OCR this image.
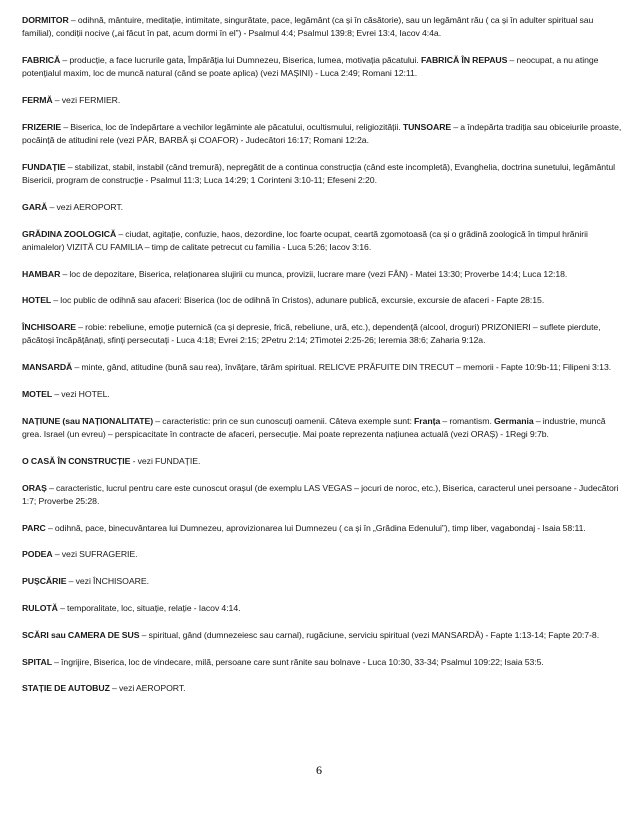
DORMITOR – odihnă, mântuire, meditație, intimitate, singurătate, pace, legământ (ca și în căsătorie), sau un legământ rău ( ca și în adulter spiritual sau familial), condiții nocive („ai făcut în pat, acum dormi în el”) - Psalmul 4:4; Psalmul 139:8; Evrei 13:4, Iacov 4:4a.

FABRICĂ – producție, a face lucrurile gata, Împărăția lui Dumnezeu, Biserica, lumea, motivația păcatului. FABRICĂ ÎN REPAUS – neocupat, a nu atinge potențialul maxim, loc de muncă natural (când se poate aplica) (vezi MAȘINI) - Luca 2:49; Romani 12:11.

FERMĂ – vezi FERMIER.

FRIZERIE – Biserica, loc de îndepărtare a vechilor legăminte ale păcatului, ocultismului, religiozității. TUNSOARE – a îndepărta tradiția sau obiceiurile proaste, pocăință de atitudini rele (vezi PĂR, BARBĂ și COAFOR) - Judecători 16:17; Romani 12:2a.

FUNDAȚIE – stabilizat, stabil, instabil (când tremură), nepregătit de a continua construcția (când este incompletă), Evanghelia, doctrina sunetului, legământul Bisericii, program de construcție - Psalmul 11:3; Luca 14:29; 1 Corinteni 3:10-11; Efeseni 2:20.

GARĂ – vezi AEROPORT.

GRĂDINA ZOOLOGICĂ – ciudat, agitație, confuzie, haos, dezordine, loc foarte ocupat, ceartă zgomotoasă (ca și o grădină zoologică în timpul hrănirii animalelor) VIZITĂ CU FAMILIA – timp de calitate petrecut cu familia - Luca 5:26; Iacov 3:16.

HAMBAR – loc de depozitare, Biserica, relaționarea slujirii cu munca, provizii, lucrare mare (vezi FÂN) - Matei 13:30; Proverbe 14:4; Luca 12:18.

HOTEL – loc public de odihnă sau afaceri: Biserica (loc de odihnă în Cristos), adunare publică, excursie, excursie de afaceri - Fapte 28:15.

ÎNCHISOARE – robie: rebeliune, emoție puternică (ca și depresie, frică, rebeliune, ură, etc.), dependență (alcool, droguri) PRIZONIERI – suflete pierdute, păcătoși încăpățânați, sfinți persecutați - Luca 4:18; Evrei 2:15; 2Petru 2:14; 2Timotei 2:25-26; Ieremia 38:6; Zaharia 9:12a.

MANSARDĂ – minte, gând, atitudine (bună sau rea), învățare, tărâm spiritual. RELICVE PRĂFUITE DIN TRECUT – memorii - Fapte 10:9b-11; Filipeni 3:13.

MOTEL – vezi HOTEL.

NAȚIUNE (sau NAȚIONALITATE) – caracteristic: prin ce sun cunoscuți oamenii. Câteva exemple sunt: Franța – romantism. Germania – industrie, muncă grea. Israel (un evreu) – perspicacitate în contracte de afaceri, persecuție. Mai poate reprezenta națiunea actuală (vezi ORAȘ) - 1Regi 9:7b.

O CASĂ ÎN CONSTRUCȚIE - vezi FUNDAȚIE.

ORAȘ – caracteristic, lucrul pentru care este cunoscut orașul (de exemplu LAS VEGAS – jocuri de noroc, etc.), Biserica, caracterul unei persoane - Judecători 1:7; Proverbe 25:28.

PARC – odihnă, pace, binecuvântarea lui Dumnezeu, aprovizionarea lui Dumnezeu ( ca și în „Grădina Edenului”), timp liber, vagabondaj - Isaia 58:11.

PODEA – vezi SUFRAGERIE.

PUȘCĂRIE – vezi ÎNCHISOARE.

RULOTĂ – temporalitate, loc, situație, relație - Iacov 4:14.

SCĂRI sau CAMERA DE SUS – spiritual, gând (dumnezeiesc sau carnal), rugăciune, serviciu spiritual (vezi MANSARDĂ) - Fapte 1:13-14; Fapte 20:7-8.

SPITAL – îngrijire, Biserica, loc de vindecare, milă, persoane care sunt rănite sau bolnave - Luca 10:30, 33-34; Psalmul 109:22; Isaia 53:5.

STAȚIE DE AUTOBUZ – vezi AEROPORT.

6
